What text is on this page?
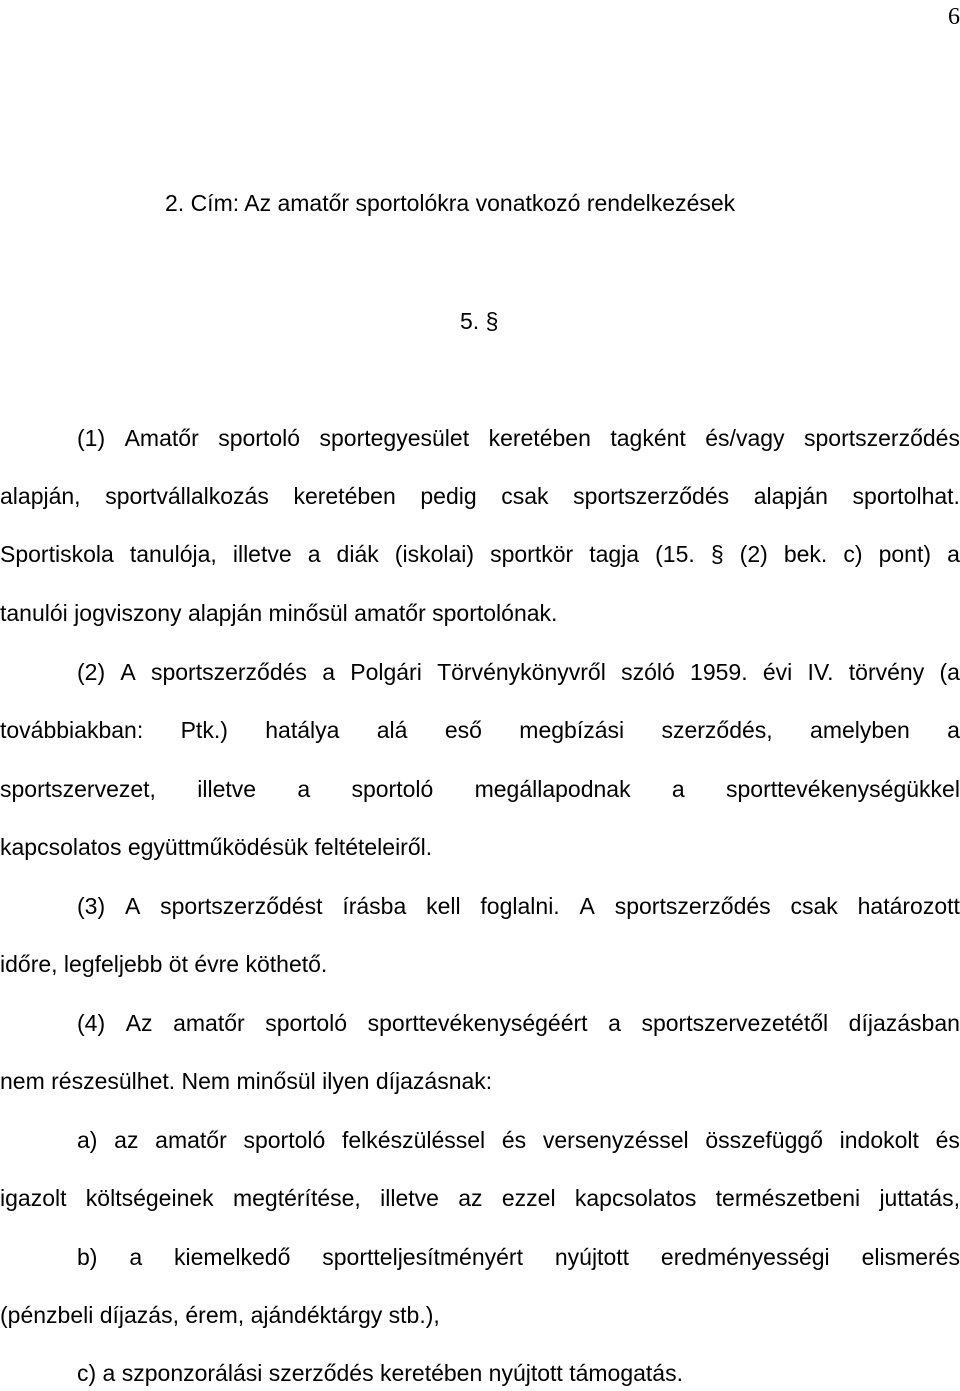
6
2. Cím: Az amatőr sportolókra vonatkozó rendelkezések
5. §
(1) Amatőr sportoló sportegyesület keretében tagként és/vagy sportszerződés
alapján, sportvállalkozás keretében pedig csak sportszerződés alapján sportolhat.
Sportiskola tanulója, illetve a diák (iskolai) sportkör tagja (15. § (2) bek. c) pont) a
tanulói jogviszony alapján minősül amatőr sportolónak.
(2) A sportszerződés a Polgári Törvénykönyvről szóló 1959. évi IV. törvény (a
továbbiakban: Ptk.) hatálya alá eső megbízási szerződés, amelyben a
sportszervezet, illetve a sportoló megállapodnak a sporttevékenységükkel
kapcsolatos együttműködésük feltételeiről.
(3) A sportszerződést írásba kell foglalni. A sportszerződés csak határozott
időre, legfeljebb öt évre köthető.
(4) Az amatőr sportoló sporttevékenységéért a sportszervezetétől díjazásban
nem részesülhet. Nem minősül ilyen díjazásnak:
a) az amatőr sportoló felkészüléssel és versenyzéssel összefüggő indokolt és
igazolt költségeinek megtérítése, illetve az ezzel kapcsolatos természetbeni juttatás,
b) a kiemelkedő sportteljesítményért nyújtott eredményességi elismerés
(pénzbeli díjazás, érem, ajándéktárgy stb.),
c) a szponzorálási szerződés keretében nyújtott támogatás.
